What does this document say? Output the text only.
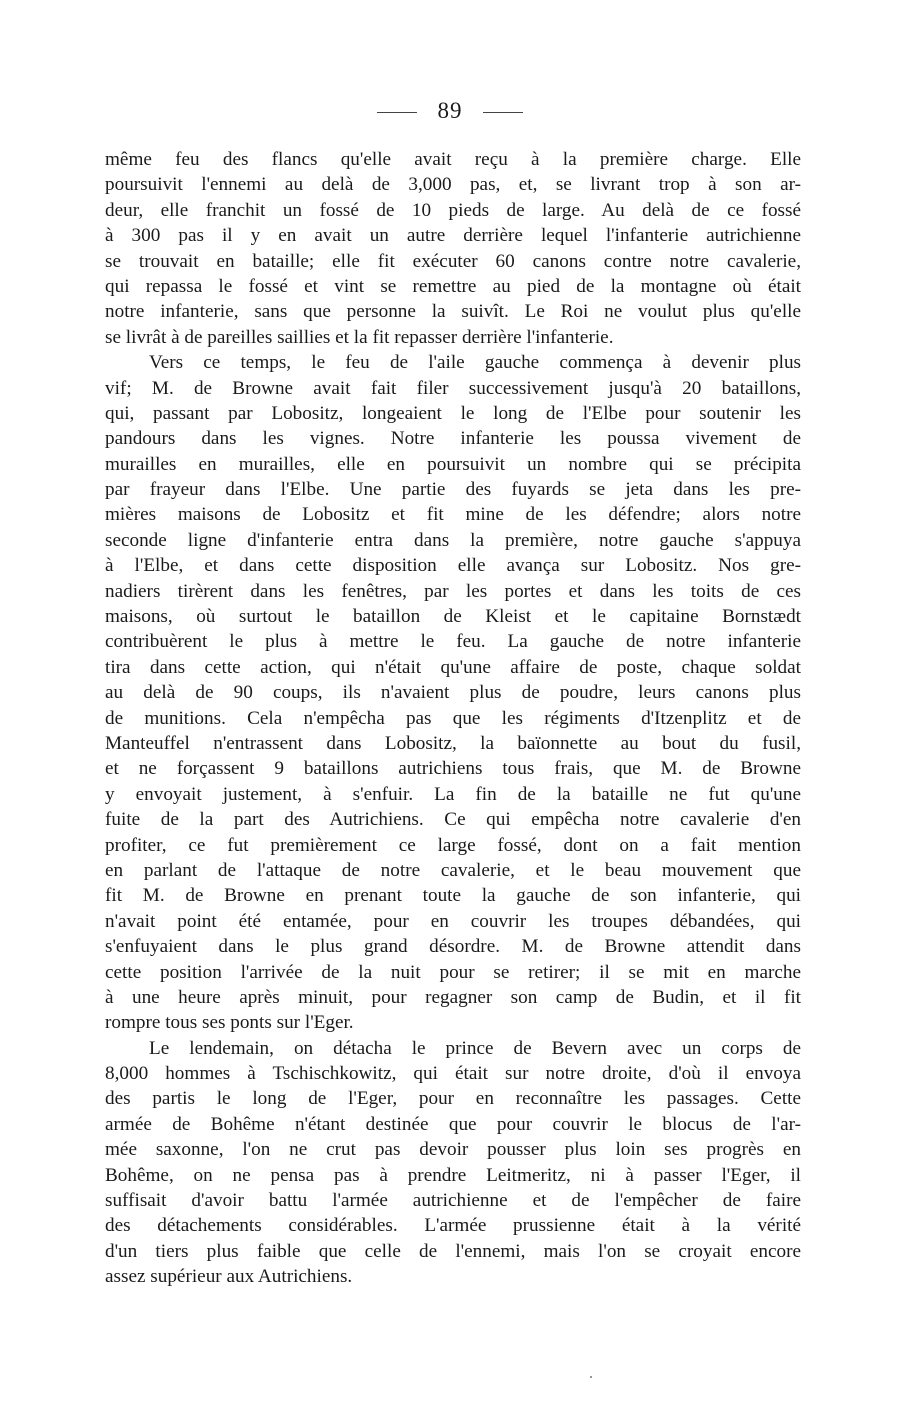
89
même feu des flancs qu'elle avait reçu à la première charge. Elle
poursuivit l'ennemi au delà de 3,000 pas, et, se livrant trop à son ar-
deur, elle franchit un fossé de 10 pieds de large. Au delà de ce fossé
à 300 pas il y en avait un autre derrière lequel l'infanterie autrichienne
se trouvait en bataille; elle fit exécuter 60 canons contre notre cavalerie,
qui repassa le fossé et vint se remettre au pied de la montagne où était
notre infanterie, sans que personne la suivît. Le Roi ne voulut plus qu'elle
se livrât à de pareilles saillies et la fit repasser derrière l'infanterie.
Vers ce temps, le feu de l'aile gauche commença à devenir plus
vif; M. de Browne avait fait filer successivement jusqu'à 20 bataillons,
qui, passant par Lobositz, longeaient le long de l'Elbe pour soutenir les
pandours dans les vignes. Notre infanterie les poussa vivement de
murailles en murailles, elle en poursuivit un nombre qui se précipita
par frayeur dans l'Elbe. Une partie des fuyards se jeta dans les pre-
mières maisons de Lobositz et fit mine de les défendre; alors notre
seconde ligne d'infanterie entra dans la première, notre gauche s'appuya
à l'Elbe, et dans cette disposition elle avança sur Lobositz. Nos gre-
nadiers tirèrent dans les fenêtres, par les portes et dans les toits de ces
maisons, où surtout le bataillon de Kleist et le capitaine Bornstædt
contribuèrent le plus à mettre le feu. La gauche de notre infanterie
tira dans cette action, qui n'était qu'une affaire de poste, chaque soldat
au delà de 90 coups, ils n'avaient plus de poudre, leurs canons plus
de munitions. Cela n'empêcha pas que les régiments d'Itzenplitz et de
Manteuffel n'entrassent dans Lobositz, la baïonnette au bout du fusil,
et ne forçassent 9 bataillons autrichiens tous frais, que M. de Browne
y envoyait justement, à s'enfuir. La fin de la bataille ne fut qu'une
fuite de la part des Autrichiens. Ce qui empêcha notre cavalerie d'en
profiter, ce fut premièrement ce large fossé, dont on a fait mention
en parlant de l'attaque de notre cavalerie, et le beau mouvement que
fit M. de Browne en prenant toute la gauche de son infanterie, qui
n'avait point été entamée, pour en couvrir les troupes débandées, qui
s'enfuyaient dans le plus grand désordre. M. de Browne attendit dans
cette position l'arrivée de la nuit pour se retirer; il se mit en marche
à une heure après minuit, pour regagner son camp de Budin, et il fit
rompre tous ses ponts sur l'Eger.
Le lendemain, on détacha le prince de Bevern avec un corps de
8,000 hommes à Tschischkowitz, qui était sur notre droite, d'où il envoya
des partis le long de l'Eger, pour en reconnaître les passages. Cette
armée de Bohême n'étant destinée que pour couvrir le blocus de l'ar-
mée saxonne, l'on ne crut pas devoir pousser plus loin ses progrès en
Bohême, on ne pensa pas à prendre Leitmeritz, ni à passer l'Eger, il
suffisait d'avoir battu l'armée autrichienne et de l'empêcher de faire
des détachements considérables. L'armée prussienne était à la vérité
d'un tiers plus faible que celle de l'ennemi, mais l'on se croyait encore
assez supérieur aux Autrichiens.
